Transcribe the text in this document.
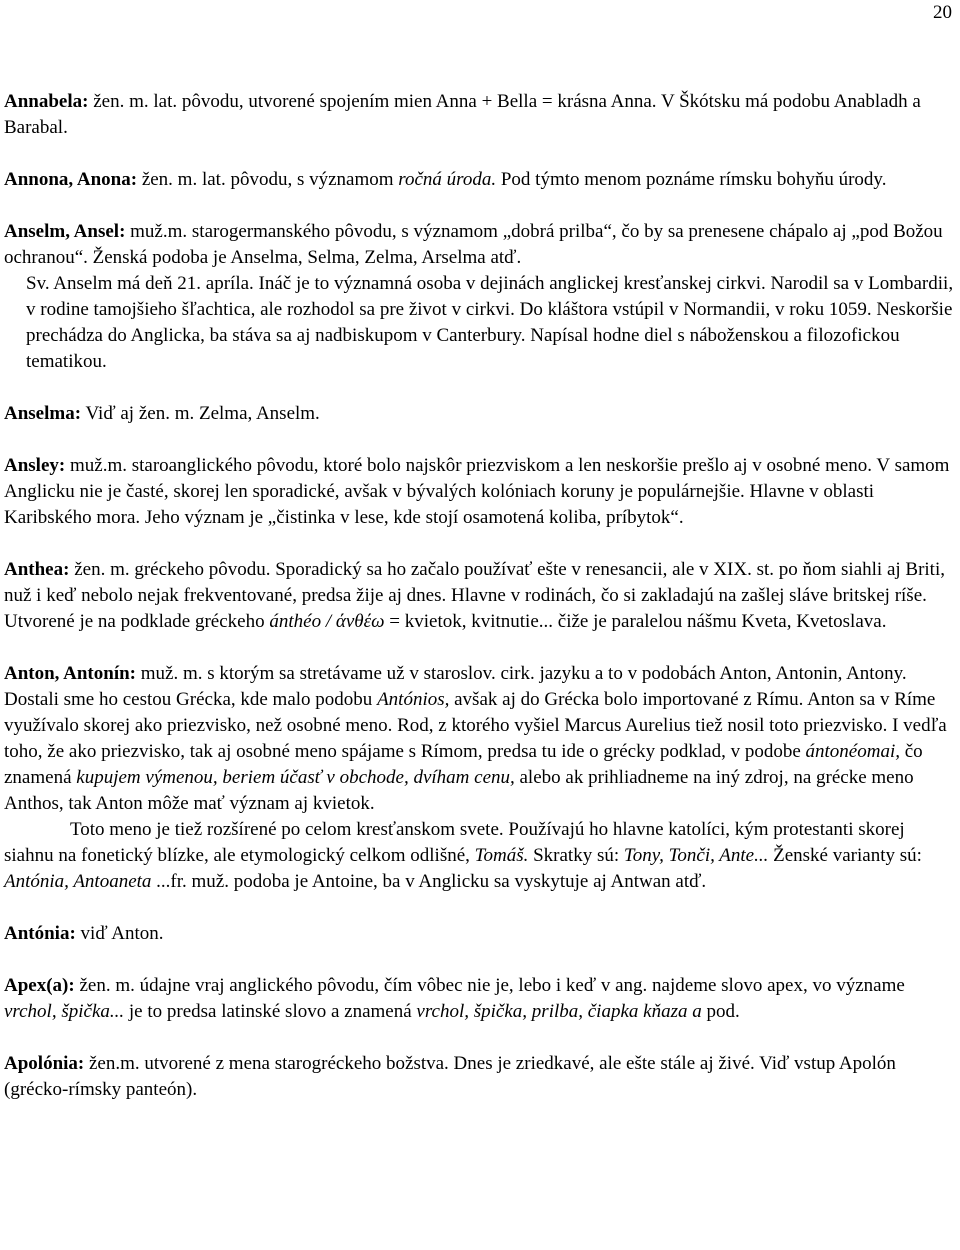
20

Annabela: žen. m. lat. pôvodu, utvorené spojením mien Anna + Bella = krásna Anna. V Škótsku má podobu Anabladh a Barabal.

Annona, Anona: žen. m. lat. pôvodu, s významom ročná úroda. Pod týmto menom poznáme rímsku bohyňu úrody.

Anselm, Ansel: muž.m. starogermanského pôvodu, s významom „dobrá prilba“, čo by sa prenesene chápalo aj „pod Božou ochranou“. Ženská podoba je Anselma, Selma, Zelma, Arselma atď.

Sv. Anselm má deň 21. apríla. Ináč je to významná osoba v dejinách anglickej kresťanskej cirkvi. Narodil sa v Lombardii, v rodine tamojšieho šľachtica, ale rozhodol sa pre život v cirkvi. Do kláštora vstúpil v Normandii, v roku 1059. Neskoršie prechádza do Anglicka, ba stáva sa aj nadbiskupom v Canterbury. Napísal hodne diel s náboženskou a filozofickou tematikou.

Anselma: Viď aj žen. m. Zelma, Anselm.

Ansley: muž.m. staroanglického pôvodu, ktoré bolo najskôr priezviskom a len neskoršie prešlo aj v osobné meno. V samom Anglicku nie je časté, skorej len sporadické, avšak v bývalých kolóniach koruny je populárnejšie. Hlavne v oblasti Karibského mora. Jeho význam je „čistinka v lese, kde stojí osamotená koliba, príbytok“.

Anthea: žen. m. gréckeho pôvodu. Sporadický sa ho začalo používať ešte v renesancii, ale v XIX. st. po ňom siahli aj Briti, nuž i keď nebolo nejak frekventované, predsa žije aj dnes. Hlavne v rodinách, čo si zakladajú na zašlej sláve britskej ríše. Utvorené je na podklade gréckeho ánthéo / άνθέω = kvietok, kvitnutie... čiže je paralelou nášmu Kveta, Kvetoslava.

Anton, Antonín: muž. m. s ktorým sa stretávame už v staroslov. cirk. jazyku a to v podobách Anton, Antonin, Antony. Dostali sme ho cestou Grécka, kde malo podobu Antónios, avšak aj do Grécka bolo importované z Rímu. Anton sa v Ríme využívalo skorej ako priezvisko, než osobné meno. Rod, z ktorého vyšiel Marcus Aurelius tiež nosil toto priezvisko. I vedľa toho, že ako priezvisko, tak aj osobné meno spájame s Rímom, predsa tu ide o grécky podklad, v podobe ántonéomai, čo znamená kupujem výmenou, beriem účasť v obchode, dvíham cenu, alebo ak prihliadneme na iný zdroj, na grécke meno Anthos, tak Anton môže mať význam aj kvietok.

Toto meno je tiež rozšírené po celom kresťanskom svete. Používajú ho hlavne katolíci, kým protestanti skorej siahnu na fonetický blízke, ale etymologický celkom odlišné, Tomáš. Skratky sú: Tony, Tonči, Ante... Ženské varianty sú: Antónia, Antoaneta ...fr. muž. podoba je Antoine, ba v Anglicku sa vyskytuje aj Antwan atď.

Antónia: viď Anton.

Apex(a): žen. m. údajne vraj anglického pôvodu, čím vôbec nie je, lebo i keď v ang. najdeme slovo apex, vo význame vrchol, špička... je to predsa latinské slovo a znamená vrchol, špička, prilba, čiapka kňaza a pod.

Apolónia: žen.m. utvorené z mena starogréckeho božstva. Dnes je zriedkavé, ale ešte stále aj živé. Viď vstup Apolón (grécko-rímsky panteón).
